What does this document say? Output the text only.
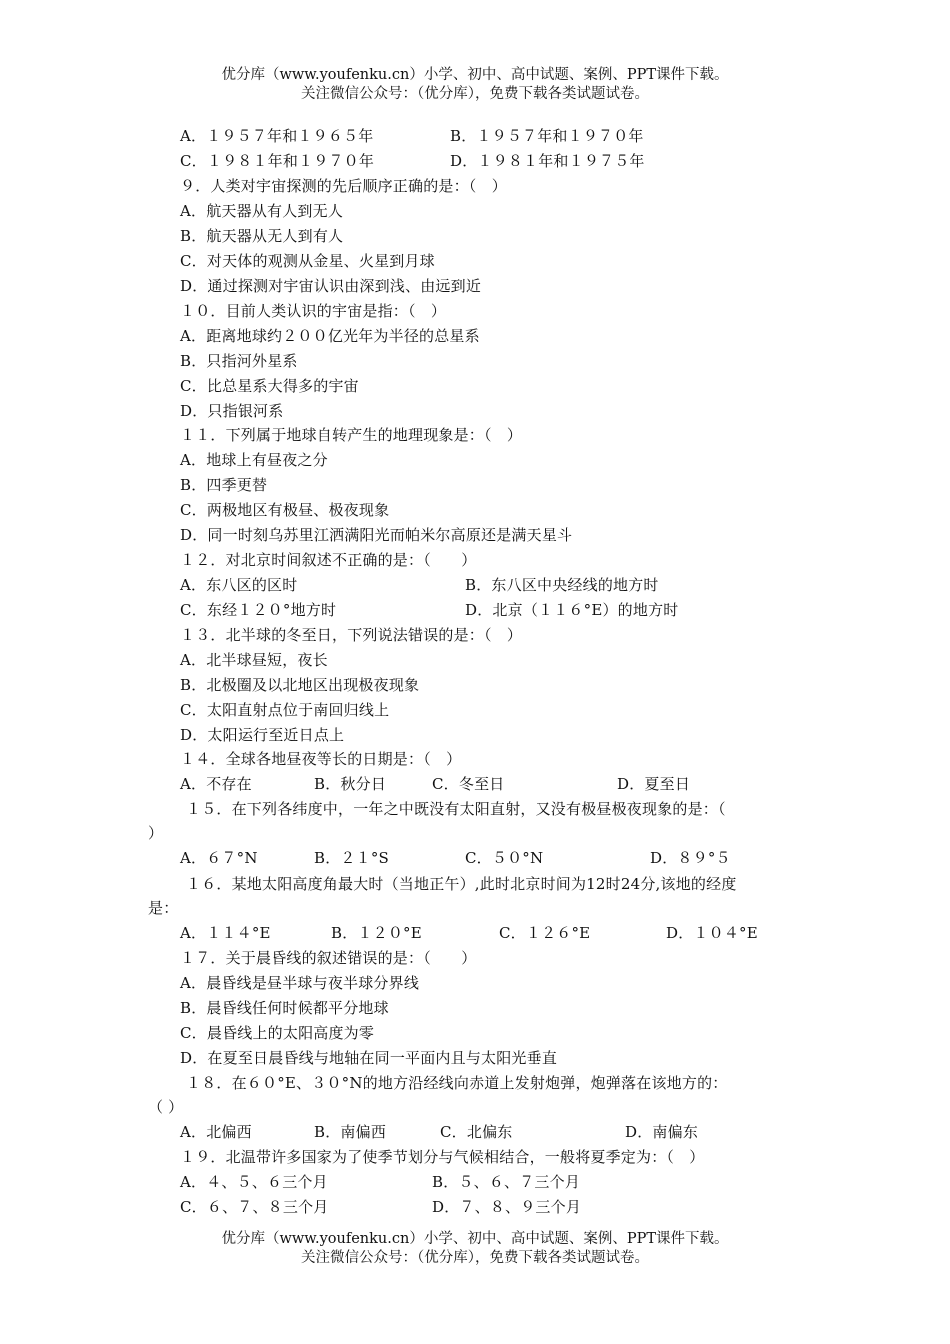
优分库（www.youfenku.cn）小学、初中、高中试题、案例、PPT课件下载。
关注微信公众号：（优分库），免费下载各类试题试卷。
A．１９５７年和１９６５年	B．１９５７年和１９７０年
C．１９８１年和１９７０年	D．１９８１年和１９７５年
９．人类对宇宙探测的先后顺序正确的是：（　）
A．航天器从有人到无人
B．航天器从无人到有人
C．对天体的观测从金星、火星到月球
D．通过探测对宇宙认识由深到浅、由远到近
１０．目前人类认识的宇宙是指：（　）
A．距离地球约２００亿光年为半径的总星系
B．只指河外星系
C．比总星系大得多的宇宙
D．只指银河系
１１．下列属于地球自转产生的地理现象是：（　）
A．地球上有昼夜之分
B．四季更替
C．两极地区有极昼、极夜现象
D．同一时刻乌苏里江洒满阳光而帕米尔高原还是满天星斗
１２．对北京时间叙述不正确的是：（　　）
A．东八区的区时	B．东八区中央经线的地方时
C．东经１２０°地方时	D．北京（１１６°E）的地方时
１３．北半球的冬至日，下列说法错误的是：（　）
A．北半球昼短，夜长
B．北极圈及以北地区出现极夜现象
C．太阳直射点位于南回归线上
D．太阳运行至近日点上
１４．全球各地昼夜等长的日期是：（　）
A．不存在	B．秋分日	C．冬至日	D．夏至日
１５．在下列各纬度中，一年之中既没有太阳直射，又没有极昼极夜现象的是：（
）
A．６７°N	B．２１°S	C．５０°N	D．８９°５
１６．某地太阳高度角最大时（当地正午）,此时北京时间为12时24分,该地的经度
是：
A．１１４°E	B．１２０°E	C．１２６°E	D．１０４°E
１７．关于晨昏线的叙述错误的是：（　　）
A．晨昏线是昼半球与夜半球分界线
B．晨昏线任何时候都平分地球
C．晨昏线上的太阳高度为零
D．在夏至日晨昏线与地轴在同一平面内且与太阳光垂直
１８．在６０°E、３０°N的地方沿经线向赤道上发射炮弹，炮弹落在该地方的：
（ ）
A．北偏西	B．南偏西	C．北偏东	D．南偏东
１９．北温带许多国家为了使季节划分与气候相结合，一般将夏季定为：（　）
A．４、５、６三个月	B．５、６、７三个月
C．６、７、８三个月	D．７、８、９三个月
优分库（www.youfenku.cn）小学、初中、高中试题、案例、PPT课件下载。
关注微信公众号：（优分库），免费下载各类试题试卷。
